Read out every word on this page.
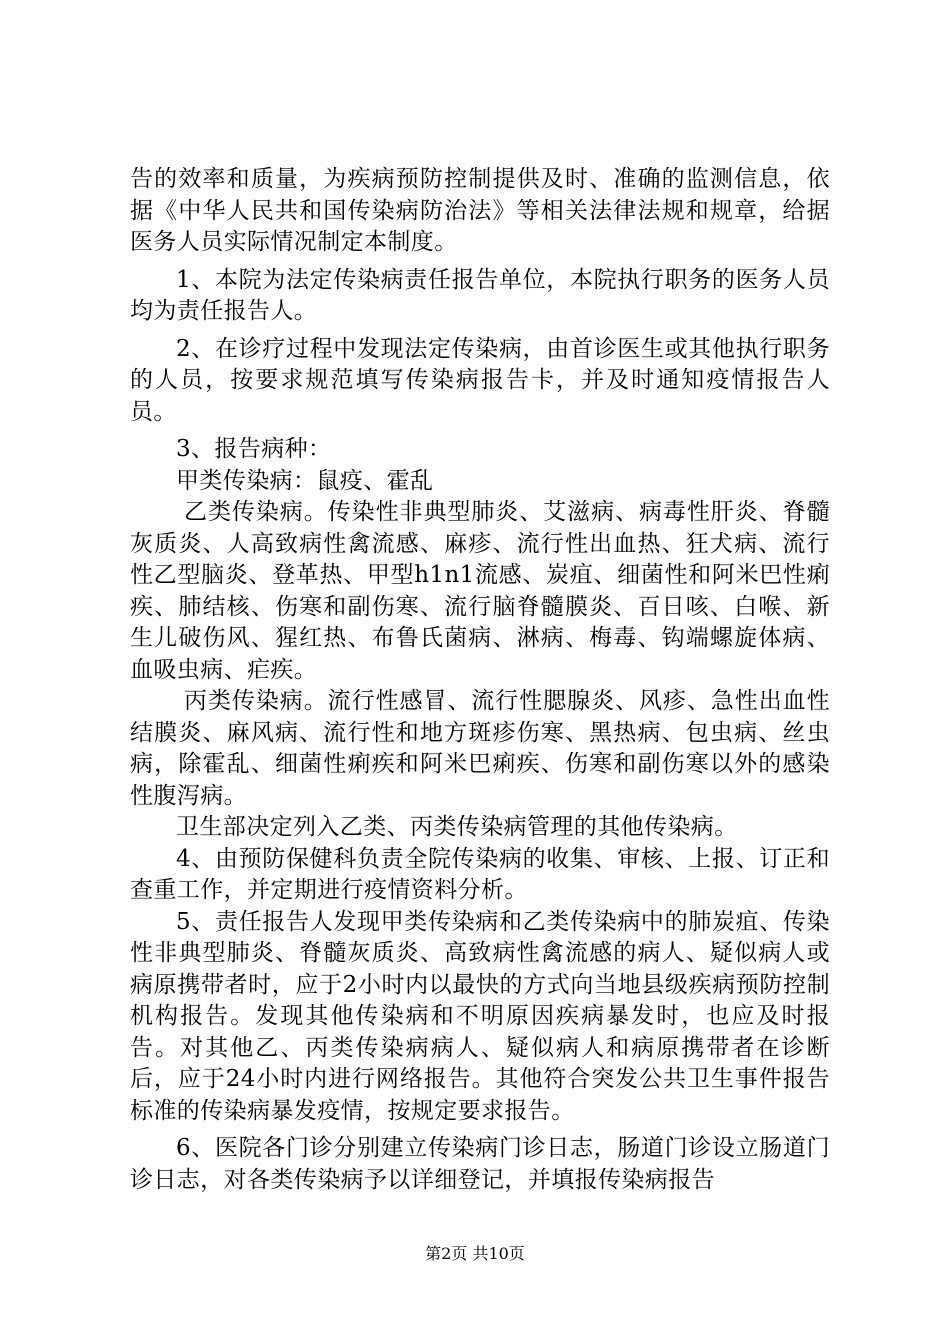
告的效率和质量，为疾病预防控制提供及时、准确的监测信息，依据《中华人民共和国传染病防治法》等相关法律法规和规章，给据医务人员实际情况制定本制度。

1、本院为法定传染病责任报告单位，本院执行职务的医务人员均为责任报告人。

2、在诊疗过程中发现法定传染病，由首诊医生或其他执行职务的人员，按要求规范填写传染病报告卡，并及时通知疫情报告人员。

3、报告病种：

甲类传染病：鼠疫、霍乱

乙类传染病。传染性非典型肺炎、艾滋病、病毒性肝炎、脊髓灰质炎、人高致病性禽流感、麻疹、流行性出血热、狂犬病、流行性乙型脑炎、登革热、甲型h1n1流感、炭疽、细菌性和阿米巴性痢疾、肺结核、伤寒和副伤寒、流行脑脊髓膜炎、百日咳、白喉、新生儿破伤风、猩红热、布鲁氏菌病、淋病、梅毒、钩端螺旋体病、血吸虫病、疟疾。

丙类传染病。流行性感冒、流行性腮腺炎、风疹、急性出血性结膜炎、麻风病、流行性和地方斑疹伤寒、黑热病、包虫病、丝虫病，除霍乱、细菌性痢疾和阿米巴痢疾、伤寒和副伤寒以外的感染性腹泻病。

卫生部决定列入乙类、丙类传染病管理的其他传染病。

4、由预防保健科负责全院传染病的收集、审核、上报、订正和查重工作，并定期进行疫情资料分析。

5、责任报告人发现甲类传染病和乙类传染病中的肺炭疽、传染性非典型肺炎、脊髓灰质炎、高致病性禽流感的病人、疑似病人或病原携带者时，应于2小时内以最快的方式向当地县级疾病预防控制机构报告。发现其他传染病和不明原因疾病暴发时，也应及时报告。对其他乙、丙类传染病病人、疑似病人和病原携带者在诊断后，应于24小时内进行网络报告。其他符合突发公共卫生事件报告标准的传染病暴发疫情，按规定要求报告。

6、医院各门诊分别建立传染病门诊日志，肠道门诊设立肠道门诊日志，对各类传染病予以详细登记，并填报传染病报告

第2页 共10页
